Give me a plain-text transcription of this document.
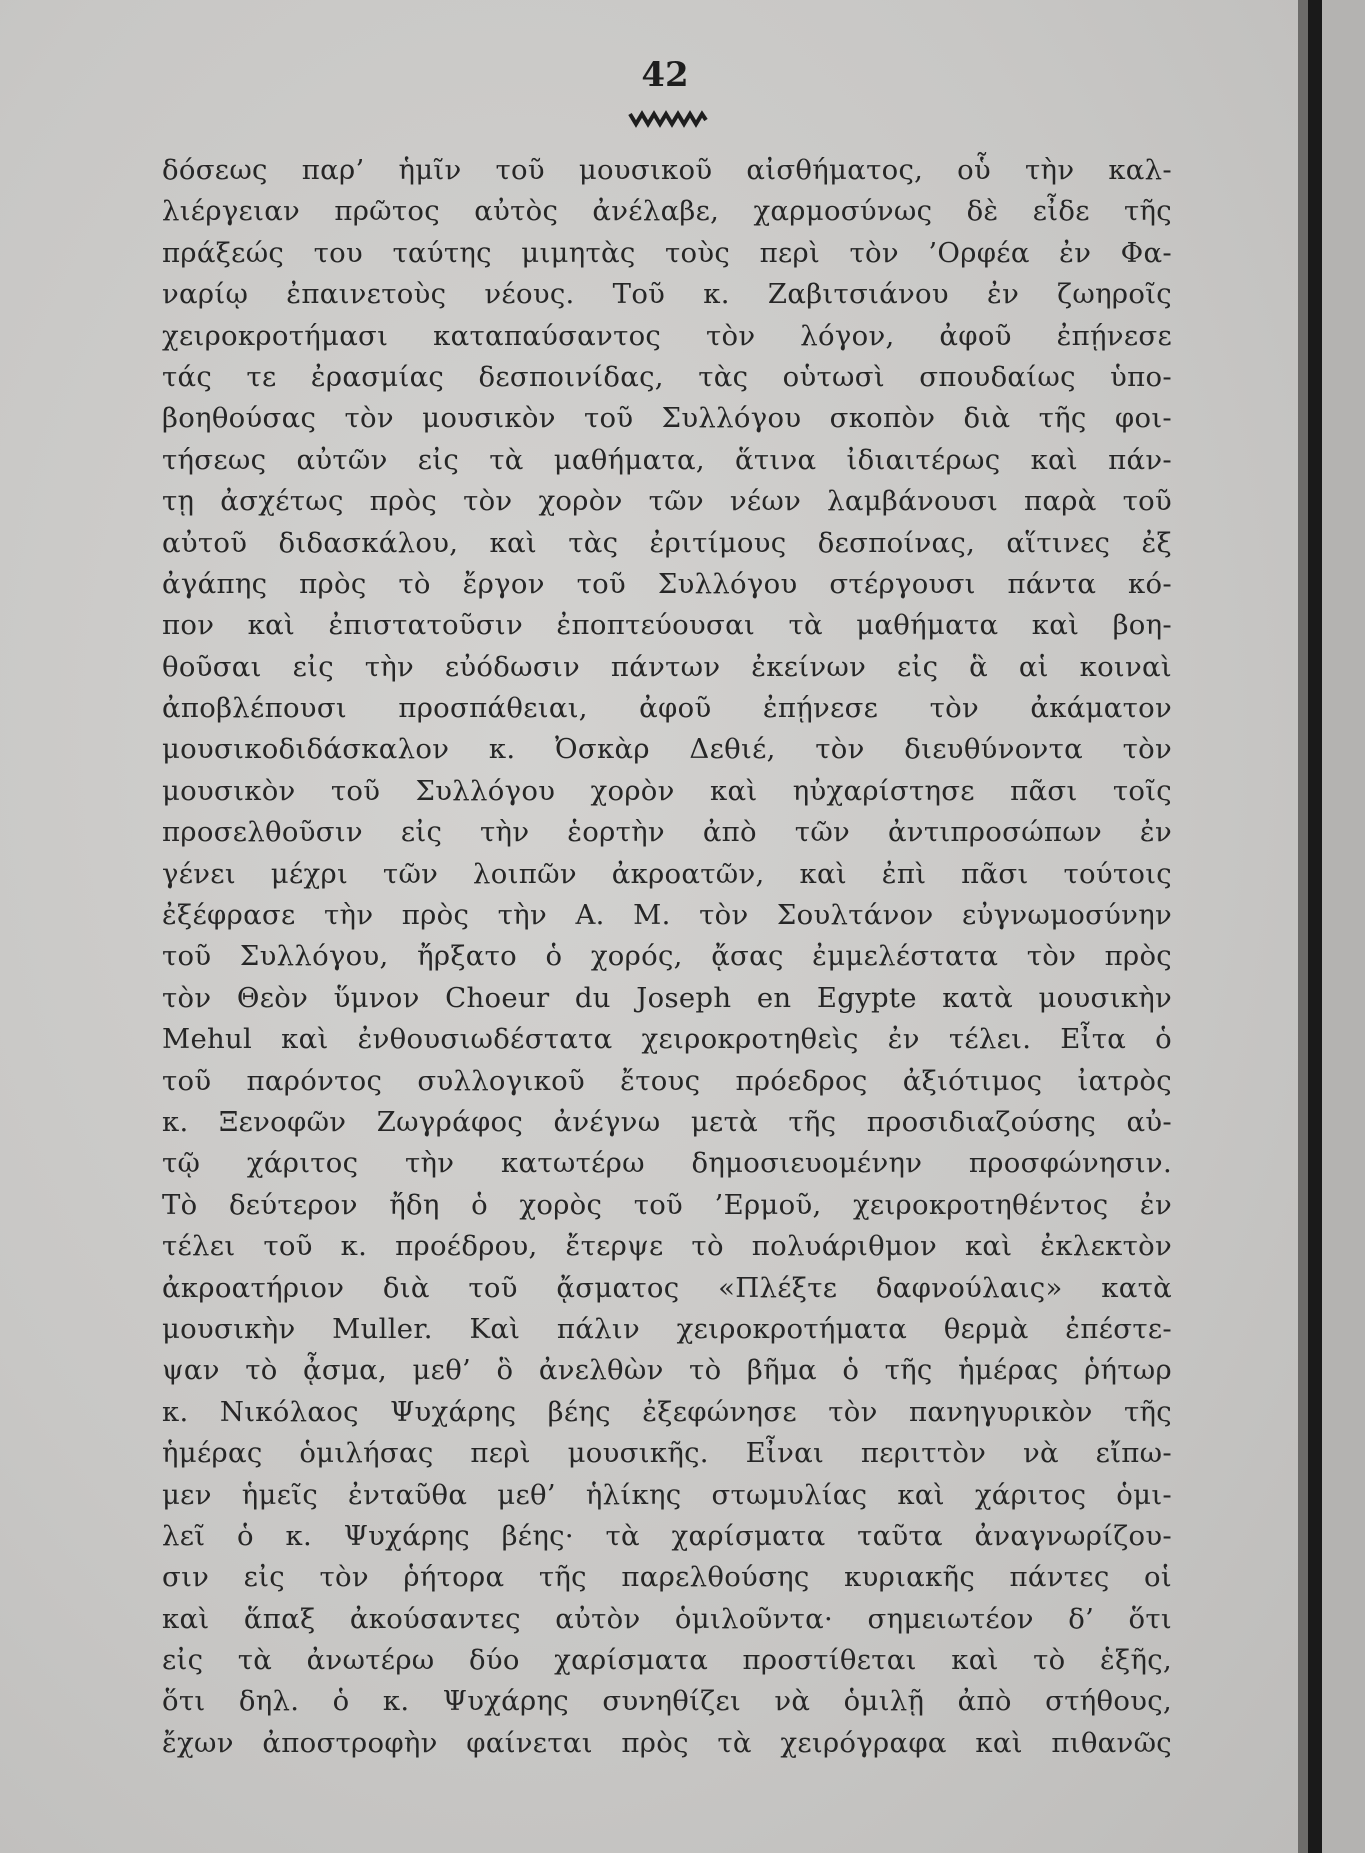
42
δόσεως παρ’ ἡμῖν τοῦ μουσικοῦ αἰσθήματος, οὗ τὴν καλ-
λιέργειαν πρῶτος αὐτὸς ἀνέλαβε, χαρμοσύνως δὲ εἶδε τῆς
πράξεώς του ταύτης μιμητὰς τοὺς περὶ τὸν ’Ορφέα ἐν Φα-
ναρίῳ ἐπαινετοὺς νέους. Τοῦ κ. Ζαβιτσιάνου ἐν ζωηροῖς
χειροκροτήμασι καταπαύσαντος τὸν λόγον, ἀφοῦ ἐπῄνεσε
τάς τε ἐρασμίας δεσποινίδας, τὰς οὑτωσὶ σπουδαίως ὑπο-
βοηθούσας τὸν μουσικὸν τοῦ Συλλόγου σκοπὸν διὰ τῆς φοι-
τήσεως αὐτῶν εἰς τὰ μαθήματα, ἅτινα ἰδιαιτέρως καὶ πάν-
τῃ ἀσχέτως πρὸς τὸν χορὸν τῶν νέων λαμβάνουσι παρὰ τοῦ
αὐτοῦ διδασκάλου, καὶ τὰς ἐριτίμους δεσποίνας, αἵτινες ἐξ
ἀγάπης πρὸς τὸ ἔργον τοῦ Συλλόγου στέργουσι πάντα κό-
πον καὶ ἐπιστατοῦσιν ἐποπτεύουσαι τὰ μαθήματα καὶ βοη-
θοῦσαι εἰς τὴν εὐόδωσιν πάντων ἐκείνων εἰς ἃ αἱ κοιναὶ
ἀποβλέπουσι προσπάθειαι, ἀφοῦ ἐπῄνεσε τὸν ἀκάματον
μουσικοδιδάσκαλον κ. Ὀσκὰρ Δεθιέ, τὸν διευθύνοντα τὸν
μουσικὸν τοῦ Συλλόγου χορὸν καὶ ηὐχαρίστησε πᾶσι τοῖς
προσελθοῦσιν εἰς τὴν ἑορτὴν ἀπὸ τῶν ἀντιπροσώπων ἐν
γένει μέχρι τῶν λοιπῶν ἀκροατῶν, καὶ ἐπὶ πᾶσι τούτοις
ἐξέφρασε τὴν πρὸς τὴν Α. Μ. τὸν Σουλτάνον εὐγνωμοσύνην
τοῦ Συλλόγου, ἤρξατο ὁ χορός, ᾄσας ἐμμελέστατα τὸν πρὸς
τὸν Θεὸν ὕμνον Choeur du Joseph en Egypte κατὰ μουσικὴν
Mehul καὶ ἐνθουσιωδέστατα χειροκροτηθεὶς ἐν τέλει. Εἶτα ὁ
τοῦ παρόντος συλλογικοῦ ἔτους πρόεδρος ἀξιότιμος ἰατρὸς
κ. Ξενοφῶν Ζωγράφος ἀνέγνω μετὰ τῆς προσιδιαζούσης αὐ-
τῷ χάριτος τὴν κατωτέρω δημοσιευομένην προσφώνησιν.
Τὸ δεύτερον ἤδη ὁ χορὸς τοῦ ’Ερμοῦ, χειροκροτηθέντος ἐν
τέλει τοῦ κ. προέδρου, ἔτερψε τὸ πολυάριθμον καὶ ἐκλεκτὸν
ἀκροατήριον διὰ τοῦ ᾄσματος «Πλέξτε δαφνούλαις» κατὰ
μουσικὴν Muller. Καὶ πάλιν χειροκροτήματα θερμὰ ἐπέστε-
ψαν τὸ ᾆσμα, μεθ’ ὃ ἀνελθὼν τὸ βῆμα ὁ τῆς ἡμέρας ῥήτωρ
κ. Νικόλαος Ψυχάρης βέης ἐξεφώνησε τὸν πανηγυρικὸν τῆς
ἡμέρας ὁμιλήσας περὶ μουσικῆς. Εἶναι περιττὸν νὰ εἴπω-
μεν ἡμεῖς ἐνταῦθα μεθ’ ἡλίκης στωμυλίας καὶ χάριτος ὁμι-
λεῖ ὁ κ. Ψυχάρης βέης· τὰ χαρίσματα ταῦτα ἀναγνωρίζου-
σιν εἰς τὸν ῥήτορα τῆς παρελθούσης κυριακῆς πάντες οἱ
καὶ ἅπαξ ἀκούσαντες αὐτὸν ὁμιλοῦντα· σημειωτέον δ’ ὅτι
εἰς τὰ ἀνωτέρω δύο χαρίσματα προστίθεται καὶ τὸ ἑξῆς,
ὅτι δηλ. ὁ κ. Ψυχάρης συνηθίζει νὰ ὁμιλῇ ἀπὸ στήθους,
ἔχων ἀποστροφὴν φαίνεται πρὸς τὰ χειρόγραφα καὶ πιθανῶς
